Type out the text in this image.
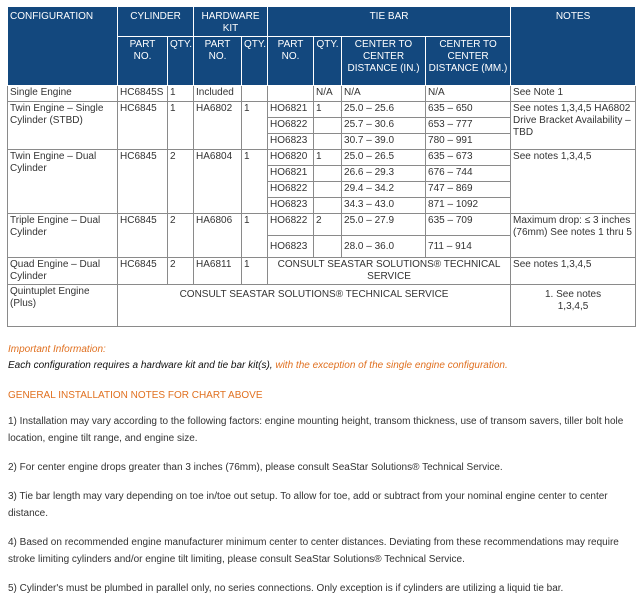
CONFIGURATION	CYLINDER		HARDWARE KIT		TIE BAR				NOTES
	PART NO.	QTY.	PART NO.	QTY.	PART NO.	QTY.	CENTER TO CENTER DISTANCE (IN.)	CENTER TO CENTER DISTANCE (MM.)	
Single Engine	HC6845S	1	Included			N/A	N/A	N/A	See Note 1
Twin Engine – Single Cylinder (STBD)	HC6845	1	HA6802	1	HO6821	1	25.0 – 25.6	635 – 650	See notes 1,3,4,5 HA6802 Drive Bracket Availability – TBD
					HO6822		25.7 – 30.6	653 – 777	
					HO6823		30.7 – 39.0	780 – 991	
Twin Engine – Dual Cylinder	HC6845	2	HA6804	1	HO6820	1	25.0 – 26.5	635 – 673	See notes 1,3,4,5
					HO6821		26.6 – 29.3	676 – 744	
					HO6822		29.4 – 34.2	747 – 869	
					HO6823		34.3 – 43.0	871 – 1092	
Triple Engine – Dual Cylinder	HC6845	2	HA6806	1	HO6822	2	25.0 – 27.9	635 – 709	Maximum drop: ≤ 3 inches (76mm) See notes 1 thru 5
					HO6823		28.0 – 36.0	711 – 914	
Quad Engine – Dual Cylinder	HC6845	2	HA6811	1	CONSULT SEASTAR SOLUTIONS® TECHNICAL SERVICE				See notes 1,3,4,5
Quintuplet Engine (Plus)	CONSULT SEASTAR SOLUTIONS® TECHNICAL SERVICE								1. See notes 1,3,4,5
Important Information:
Each configuration requires a hardware kit and tie bar kit(s), with the exception of the single engine configuration.
GENERAL INSTALLATION NOTES FOR CHART ABOVE
1) Installation may vary according to the following factors: engine mounting height, transom thickness, use of transom savers, tiller bolt hole location, engine tilt range, and engine size.
2) For center engine drops greater than 3 inches (76mm), please consult SeaStar Solutions® Technical Service.
3) Tie bar length may vary depending on toe in/toe out setup. To allow for toe, add or subtract from your nominal engine center to center distance.
4) Based on recommended engine manufacturer minimum center to center distances. Deviating from these recommendations may require stroke limiting cylinders and/or engine tilt limiting, please consult SeaStar Solutions® Technical Service.
5) Cylinder's must be plumbed in parallel only, no series connections. Only exception is if cylinders are utilizing a liquid tie bar.
